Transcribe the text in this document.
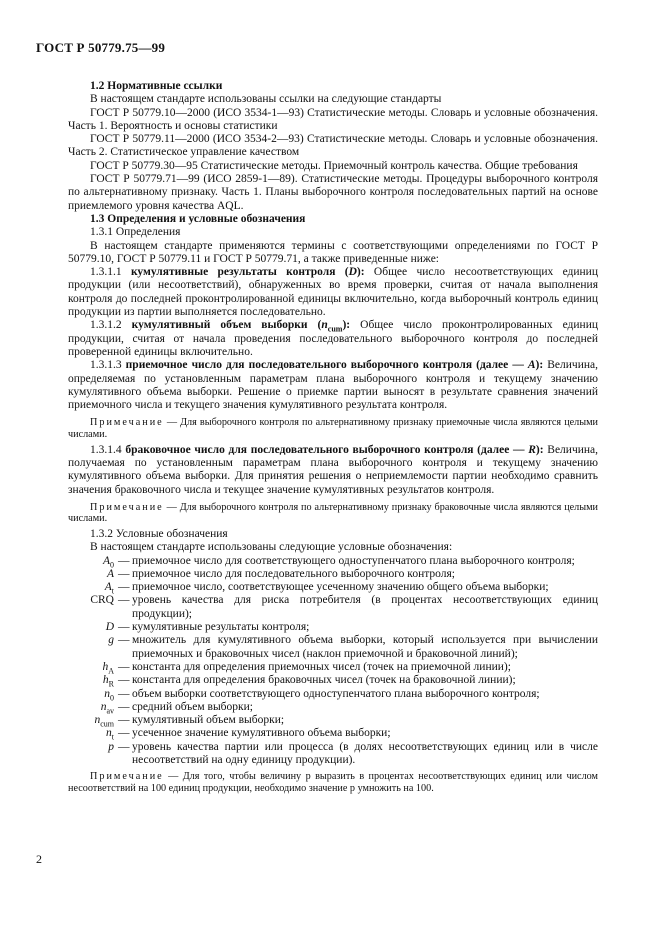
ГОСТ Р 50779.75—99

1.2 Нормативные ссылки

В настоящем стандарте использованы ссылки на следующие стандарты

ГОСТ Р 50779.10—2000 (ИСО 3534-1—93) Статистические методы. Словарь и условные обозначения. Часть 1. Вероятность и основы статистики

ГОСТ Р 50779.11—2000 (ИСО 3534-2—93) Статистические методы. Словарь и условные обозначения. Часть 2. Статистическое управление качеством

ГОСТ Р 50779.30—95 Статистические методы. Приемочный контроль качества. Общие требования

ГОСТ Р 50779.71—99 (ИСО 2859-1—89). Статистические методы. Процедуры выборочного контроля по альтернативному признаку. Часть 1. Планы выборочного контроля последовательных партий на основе приемлемого уровня качества AQL.

1.3 Определения и условные обозначения

1.3.1 Определения

В настоящем стандарте применяются термины с соответствующими определениями по ГОСТ Р 50779.10, ГОСТ Р 50779.11 и ГОСТ Р 50779.71, а также приведенные ниже:

1.3.1.1 кумулятивные результаты контроля (D): Общее число несоответствующих единиц продукции (или несоответствий), обнаруженных во время проверки, считая от начала выполнения контроля до последней проконтролированной единицы включительно, когда выборочный контроль единиц продукции из партии выполняется последовательно.

1.3.1.2 кумулятивный объем выборки $(n_{cum})$: Общее число проконтролированных единиц продукции, считая от начала проведения последовательного выборочного контроля до последней проверенной единицы включительно.

1.3.1.3 приемочное число для последовательного выборочного контроля (далее — A): Величина, определяемая по установленным параметрам плана выборочного контроля и текущему значению кумулятивного объема выборки. Решение о приемке партии выносят в результате сравнения значений приемочного числа и текущего значения кумулятивного результата контроля.

Примечание — Для выборочного контроля по альтернативному признаку приемочные числа являются целыми числами.

1.3.1.4 браковочное число для последовательного выборочного контроля (далее — R): Величина, получаемая по установленным параметрам плана выборочного контроля и текущему значению кумулятивного объема выборки. Для принятия решения о неприемлемости партии необходимо сравнить значения браковочного числа и текущее значение кумулятивных результатов контроля.

Примечание — Для выборочного контроля по альтернативному признаку браковочные числа являются целыми числами.

1.3.2 Условные обозначения

В настоящем стандарте использованы следующие условные обозначения:

$A_0$ — приемочное число для соответствующего одноступенчатого плана выборочного контроля;
A — приемочное число для последовательного выборочного контроля;
$A_t$ — приемочное число, соответствующее усеченному значению общего объема выборки;
CRQ — уровень качества для риска потребителя (в процентах несоответствующих единиц продукции);
D — кумулятивные результаты контроля;
g — множитель для кумулятивного объема выборки, который используется при вычислении приемочных и браковочных чисел (наклон приемочной и браковочной линий);
$h_A$ — константа для определения приемочных чисел (точек на приемочной линии);
$h_R$ — константа для определения браковочных чисел (точек на браковочной линии);
$n_0$ — объем выборки соответствующего одноступенчатого плана выборочного контроля;
$n_{av}$ — средний объем выборки;
$n_{cum}$ — кумулятивный объем выборки;
$n_t$ — усеченное значение кумулятивного объема выборки;
p — уровень качества партии или процесса (в долях несоответствующих единиц или в числе несоответствий на одну единицу продукции).

Примечание — Для того, чтобы величину p выразить в процентах несоответствующих единиц или числом несоответствий на 100 единиц продукции, необходимо значение p умножить на 100.

2
